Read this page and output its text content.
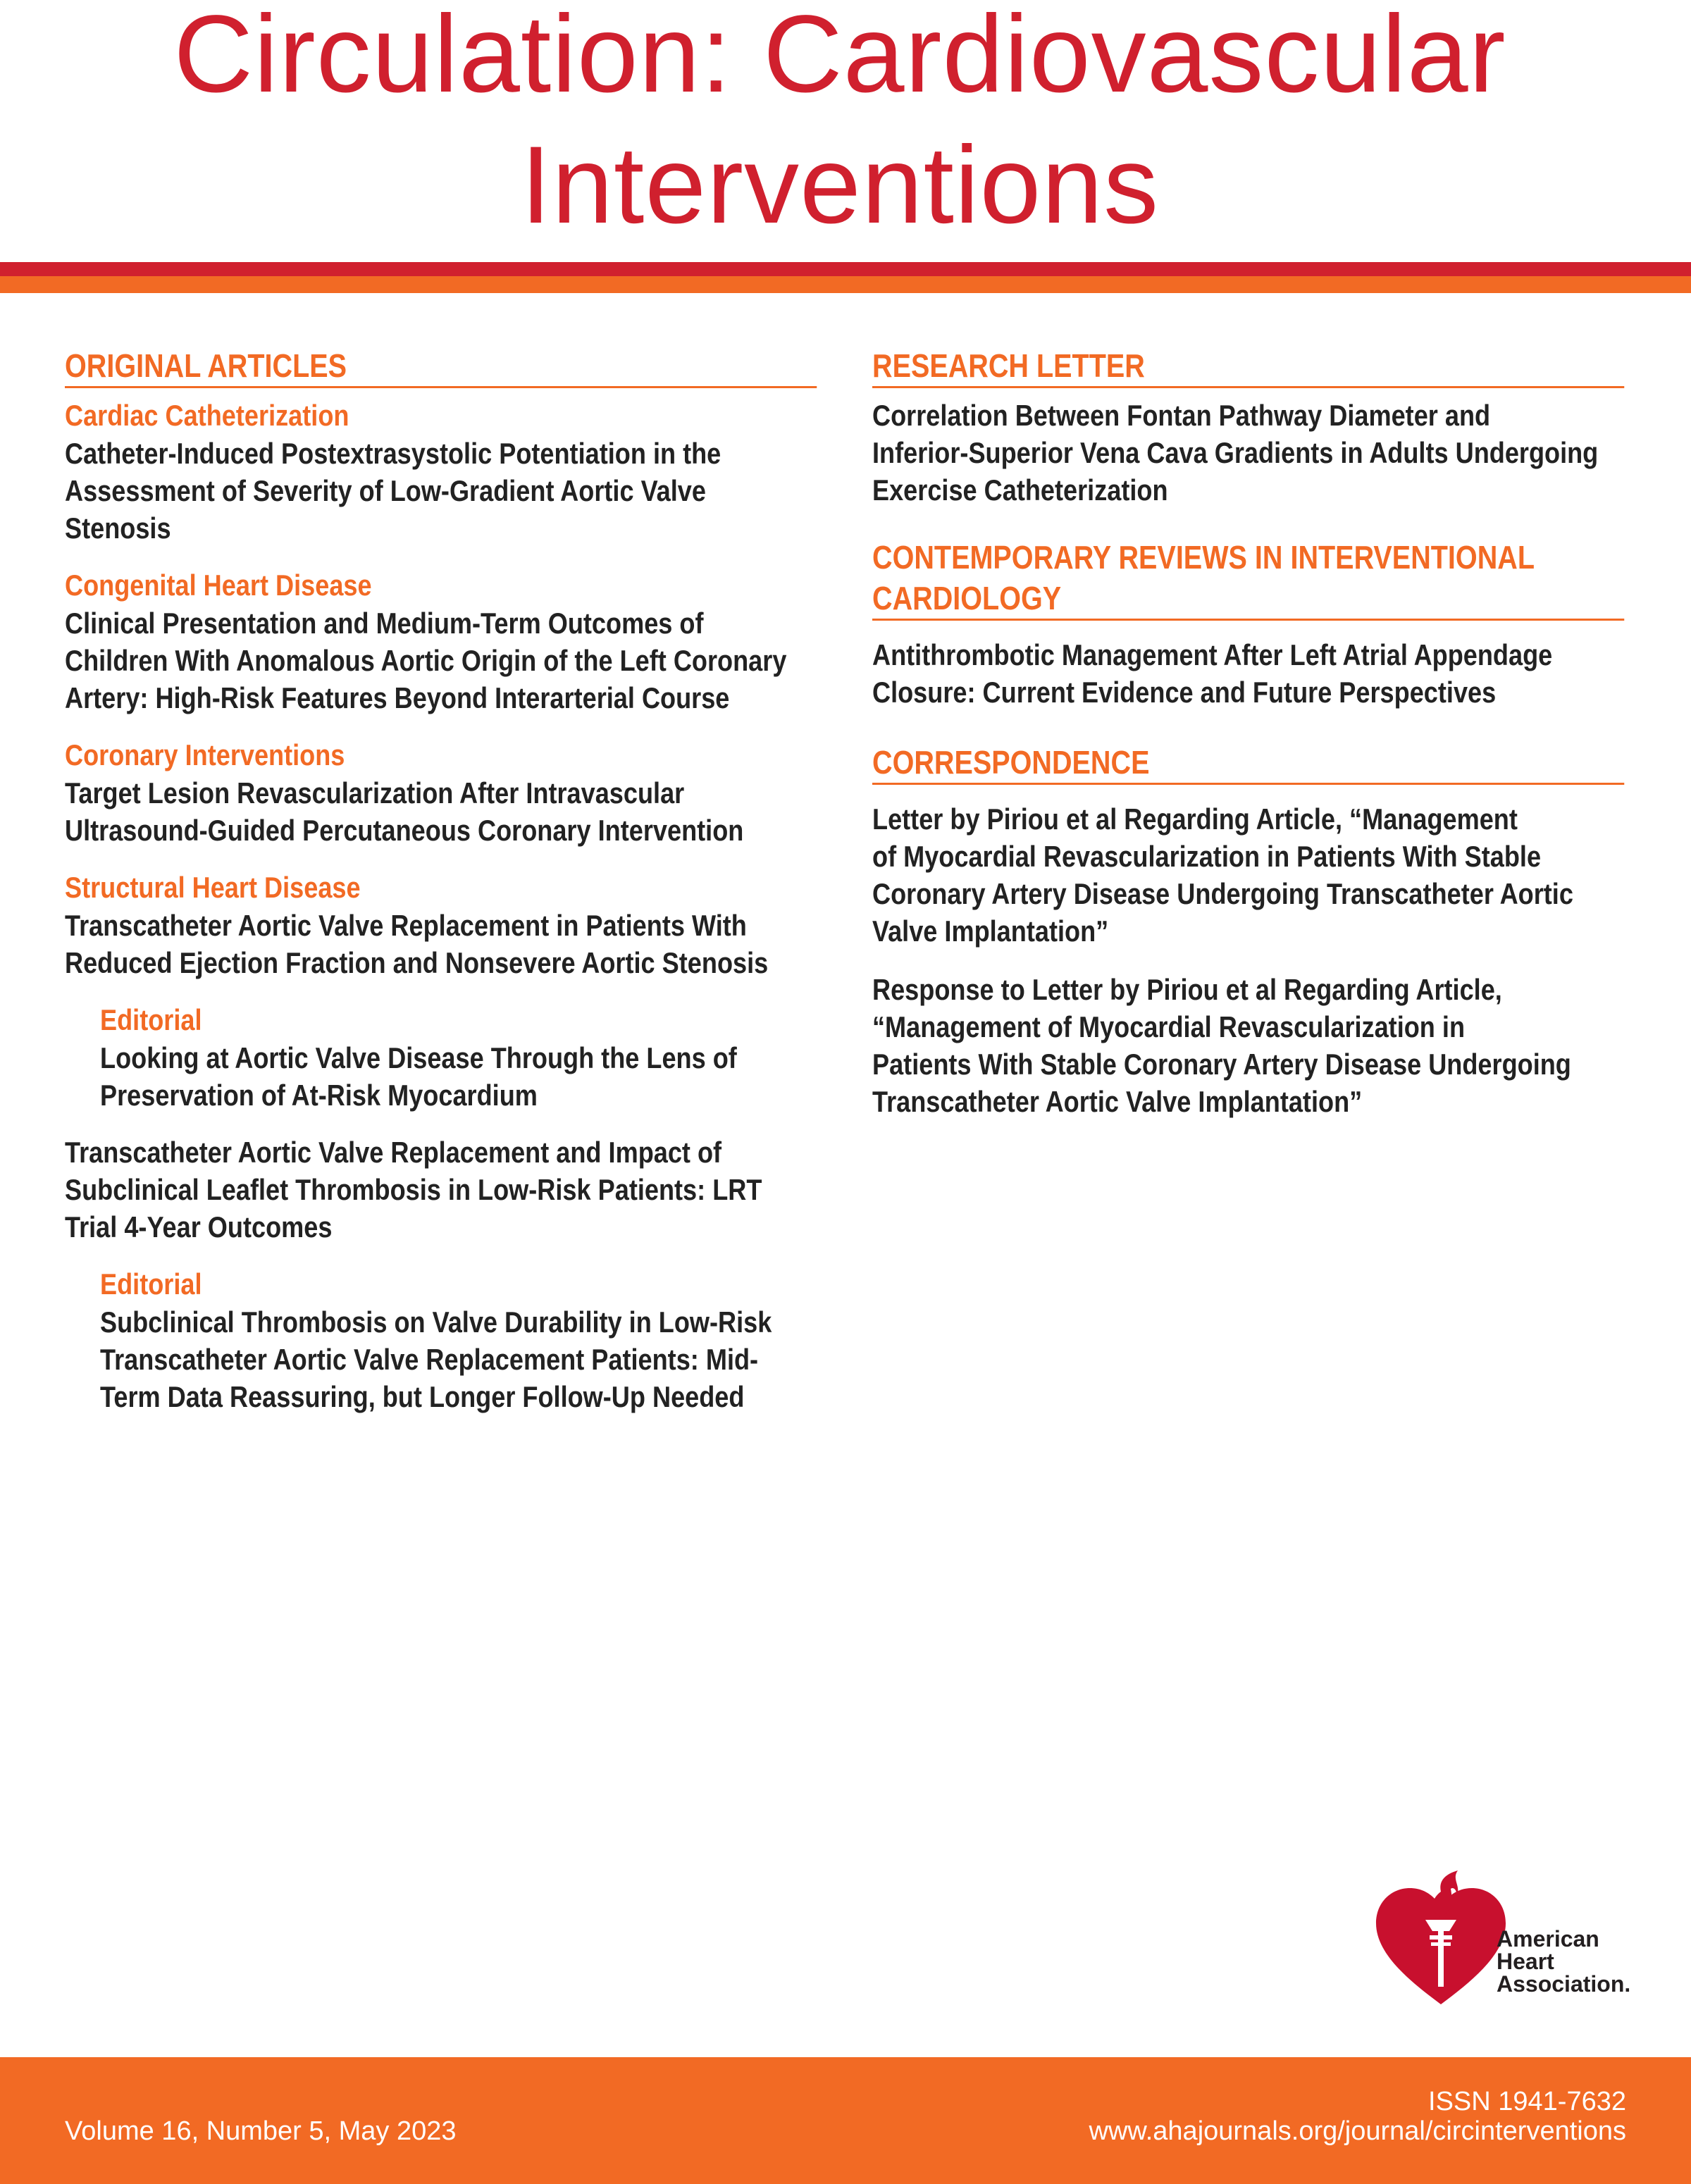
Circulation: Cardiovascular
Interventions
ORIGINAL ARTICLES
Cardiac Catheterization
Catheter-Induced Postextrasystolic Potentiation in the
Assessment of Severity of Low-Gradient Aortic Valve
Stenosis
Congenital Heart Disease
Clinical Presentation and Medium-Term Outcomes of
Children With Anomalous Aortic Origin of the Left Coronary
Artery: High-Risk Features Beyond Interarterial Course
Coronary Interventions
Target Lesion Revascularization After Intravascular
Ultrasound-Guided Percutaneous Coronary Intervention
Structural Heart Disease
Transcatheter Aortic Valve Replacement in Patients With
Reduced Ejection Fraction and Nonsevere Aortic Stenosis
Editorial
Looking at Aortic Valve Disease Through the Lens of
Preservation of At-Risk Myocardium
Transcatheter Aortic Valve Replacement and Impact of
Subclinical Leaflet Thrombosis in Low-Risk Patients: LRT
Trial 4-Year Outcomes
Editorial
Subclinical Thrombosis on Valve Durability in Low-Risk
Transcatheter Aortic Valve Replacement Patients: Mid-
Term Data Reassuring, but Longer Follow-Up Needed
RESEARCH LETTER
Correlation Between Fontan Pathway Diameter and
Inferior-Superior Vena Cava Gradients in Adults Undergoing
Exercise Catheterization
CONTEMPORARY REVIEWS IN INTERVENTIONAL
CARDIOLOGY
Antithrombotic Management After Left Atrial Appendage
Closure: Current Evidence and Future Perspectives
CORRESPONDENCE
Letter by Piriou et al Regarding Article, “Management
of Myocardial Revascularization in Patients With Stable
Coronary Artery Disease Undergoing Transcatheter Aortic
Valve Implantation”
Response to Letter by Piriou et al Regarding Article,
“Management of Myocardial Revascularization in
Patients With Stable Coronary Artery Disease Undergoing
Transcatheter Aortic Valve Implantation”
American
Heart
Association.
Volume 16, Number 5, May 2023
ISSN 1941-7632
www.ahajournals.org/journal/circinterventions
